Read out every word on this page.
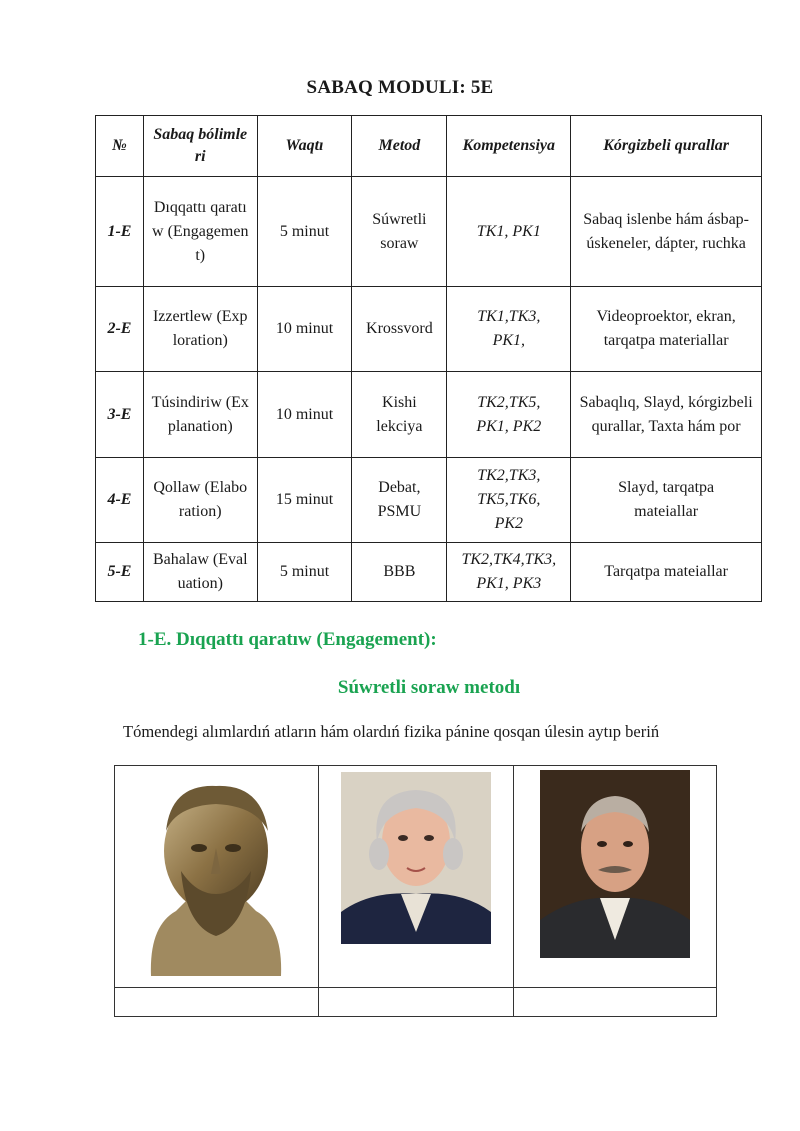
SABAQ MODULI: 5E
№	Sabaq bólimleri	Waqtı	Metod	Kompetensiya	Kórgizbeli qurallar
1-E	Dıqqattı qaratıw (Engagement)	5 minut	Súwretli soraw	TK1, PK1	Sabaq islenbe hám ásbap-úskeneler, dápter, ruchka
2-E	Izzertlew (Exploration)	10 minut	Krossvord	TK1,TK3, PK1,	Videoproektor, ekran, tarqatpa materiallar
3-E	Túsindiriw (Explanation)	10 minut	Kishi lekciya	TK2,TK5, PK1, PK2	Sabaqlıq, Slayd, kórgizbeli qurallar, Taxta hám por
4-E	Qollaw (Elaboration)	15 minut	Debat, PSMU	TK2,TK3, TK5,TK6, PK2	Slayd, tarqatpa mateiallar
5-E	Bahalaw (Evaluation)	5 minut	BBB	TK2,TK4,TK3, PK1, PK3	Tarqatpa mateiallar
1-E. Dıqqattı qaratıw (Engagement):
Súwretli soraw metodı
Tómendegi alımlardıń atların hám olardıń fizika pánine qosqan úlesin aytıp beriń
